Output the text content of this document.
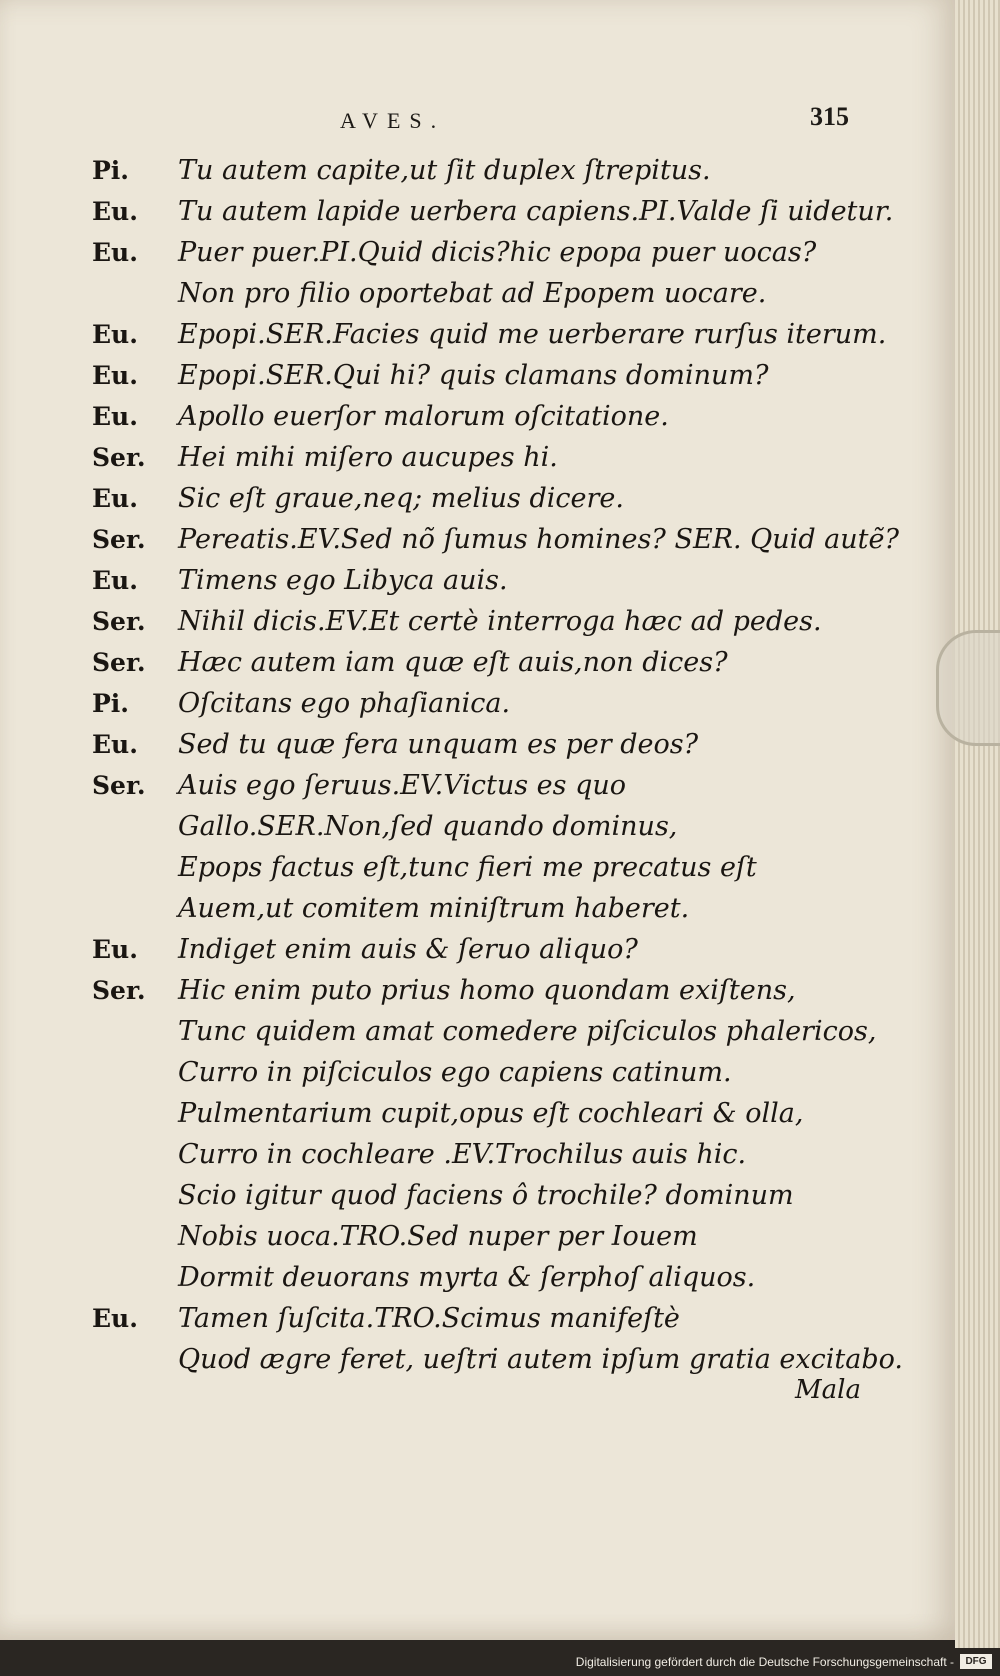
AVES.	315
Pi.	Tu autem capite,ut ſit duplex ſtrepitus.
Eu.	Tu autem lapide uerbera capiens.PI.Valde ſi uidetur.
Eu.	Puer puer.PI.Quid dicis?hic epopa puer uocas?
Non pro filio oportebat ad Epopem uocare.
Eu.	Epopi.SER.Facies quid me uerberare rurſus iterum.
Eu.	Epopi.SER.Qui hi? quis clamans dominum?
Eu.	Apollo euerſor malorum oſcitatione.
Ser.	Hei mihi miſero aucupes hi.
Eu.	Sic eſt graue,neq; melius dicere.
Ser.	Pereatis.EV.Sed nõ ſumus homines? SER. Quid autẽ?
Eu.	Timens ego Libyca auis.
Ser.	Nihil dicis.EV.Et certè interroga hæc ad pedes.
Ser.	Hæc autem iam quæ eſt auis,non dices?
Pi.	Oſcitans ego phaſianica.
Eu.	Sed tu quæ fera unquam es per deos?
Ser.	Auis ego ſeruus.EV.Victus es quo
Gallo.SER.Non,ſed quando dominus,
Epops factus eſt,tunc fieri me precatus eſt
Auem,ut comitem miniſtrum haberet.
Eu.	Indiget enim auis & ſeruo aliquo?
Ser.	Hic enim puto prius homo quondam exiſtens,
Tunc quidem amat comedere piſciculos phalericos,
Curro in piſciculos ego capiens catinum.
Pulmentarium cupit,opus eſt cochleari & olla,
Curro in cochleare .EV.Trochilus auis hic.
Scio igitur quod faciens ô trochile? dominum
Nobis uoca.TRO.Sed nuper per Iouem
Dormit deuorans myrta & ſerphoſ aliquos.
Eu.	Tamen ſuſcita.TRO.Scimus manifeſtè
Quod ægre feret, ueſtri autem ipſum gratia excitabo.
Mala
Digitalisierung gefördert durch die Deutsche Forschungsgemeinschaft -	DFG
